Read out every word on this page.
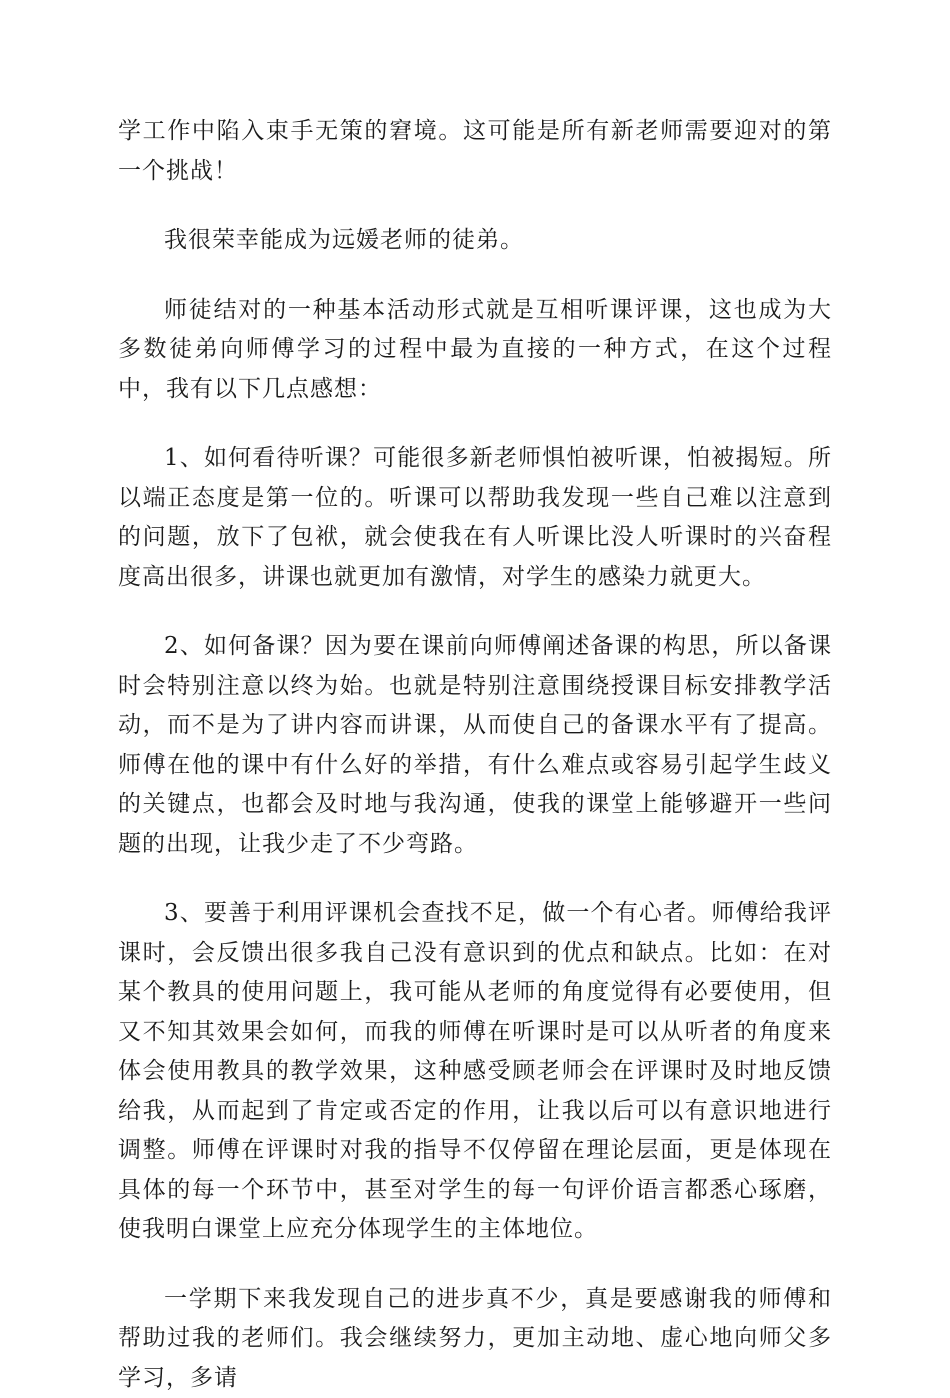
学工作中陷入束手无策的窘境。这可能是所有新老师需要迎对的第一个挑战！

我很荣幸能成为远媛老师的徒弟。

师徒结对的一种基本活动形式就是互相听课评课，这也成为大多数徒弟向师傅学习的过程中最为直接的一种方式，在这个过程中，我有以下几点感想：

1、如何看待听课？可能很多新老师惧怕被听课，怕被揭短。所以端正态度是第一位的。听课可以帮助我发现一些自己难以注意到的问题，放下了包袱，就会使我在有人听课比没人听课时的兴奋程度高出很多，讲课也就更加有激情，对学生的感染力就更大。

2、如何备课？因为要在课前向师傅阐述备课的构思，所以备课时会特别注意以终为始。也就是特别注意围绕授课目标安排教学活动，而不是为了讲内容而讲课，从而使自己的备课水平有了提高。师傅在他的课中有什么好的举措，有什么难点或容易引起学生歧义的关键点，也都会及时地与我沟通，使我的课堂上能够避开一些问题的出现，让我少走了不少弯路。

3、要善于利用评课机会查找不足，做一个有心者。师傅给我评课时，会反馈出很多我自己没有意识到的优点和缺点。比如：在对某个教具的使用问题上，我可能从老师的角度觉得有必要使用，但又不知其效果会如何，而我的师傅在听课时是可以从听者的角度来体会使用教具的教学效果，这种感受顾老师会在评课时及时地反馈给我，从而起到了肯定或否定的作用，让我以后可以有意识地进行调整。师傅在评课时对我的指导不仅停留在理论层面，更是体现在具体的每一个环节中，甚至对学生的每一句评价语言都悉心琢磨，使我明白课堂上应充分体现学生的主体地位。

一学期下来我发现自己的进步真不少，真是要感谢我的师傅和帮助过我的老师们。我会继续努力，更加主动地、虚心地向师父多学习，多请
